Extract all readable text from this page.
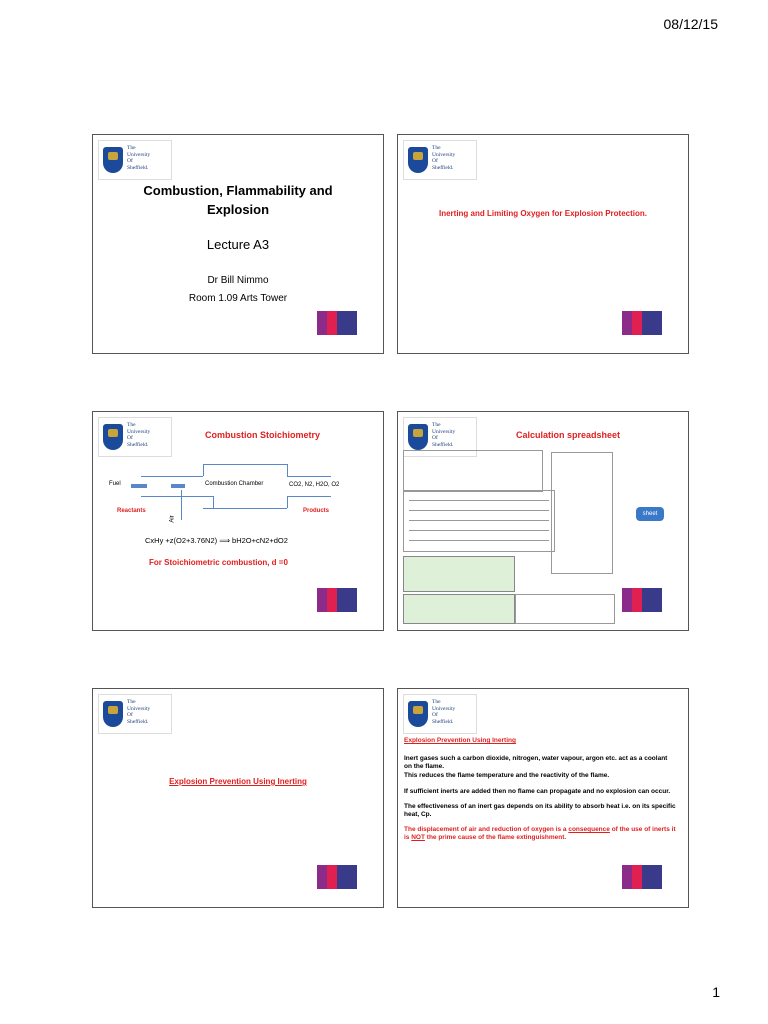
08/12/15
The
University
Of
Sheffield.
Combustion, Flammability and
Explosion
Lecture A3
Dr Bill Nimmo
Room 1.09 Arts Tower
The
University
Of
Sheffield.
Inerting and Limiting Oxygen for Explosion Protection.
The
University
Of
Sheffield.
Combustion Stoichiometry
Fuel	Combustion Chamber	CO2, N2, H2O, O2
Air
Reactants	Products
CxHy +z(O2+3.76N2) ⟹ bH2O+cN2+dO2
For Stoichiometric combustion, d =0
The
University
Of
Sheffield.
Calculation spreadsheet
sheet
The
University
Of
Sheffield.
Explosion Prevention Using Inerting
The
University
Of
Sheffield.
Explosion Prevention Using Inerting
Inert gases such a carbon dioxide, nitrogen, water vapour, argon etc. act as a coolant on the flame.
This reduces the flame temperature and the reactivity of the flame.
If sufficient inerts are added then no flame can propagate and no explosion can occur.
The effectiveness of an inert gas depends on its ability to absorb heat i.e. on its specific heat, Cp.
The displacement of air and reduction of oxygen is a consequence of the use of inerts it is NOT the prime cause of the flame extinguishment.
1
